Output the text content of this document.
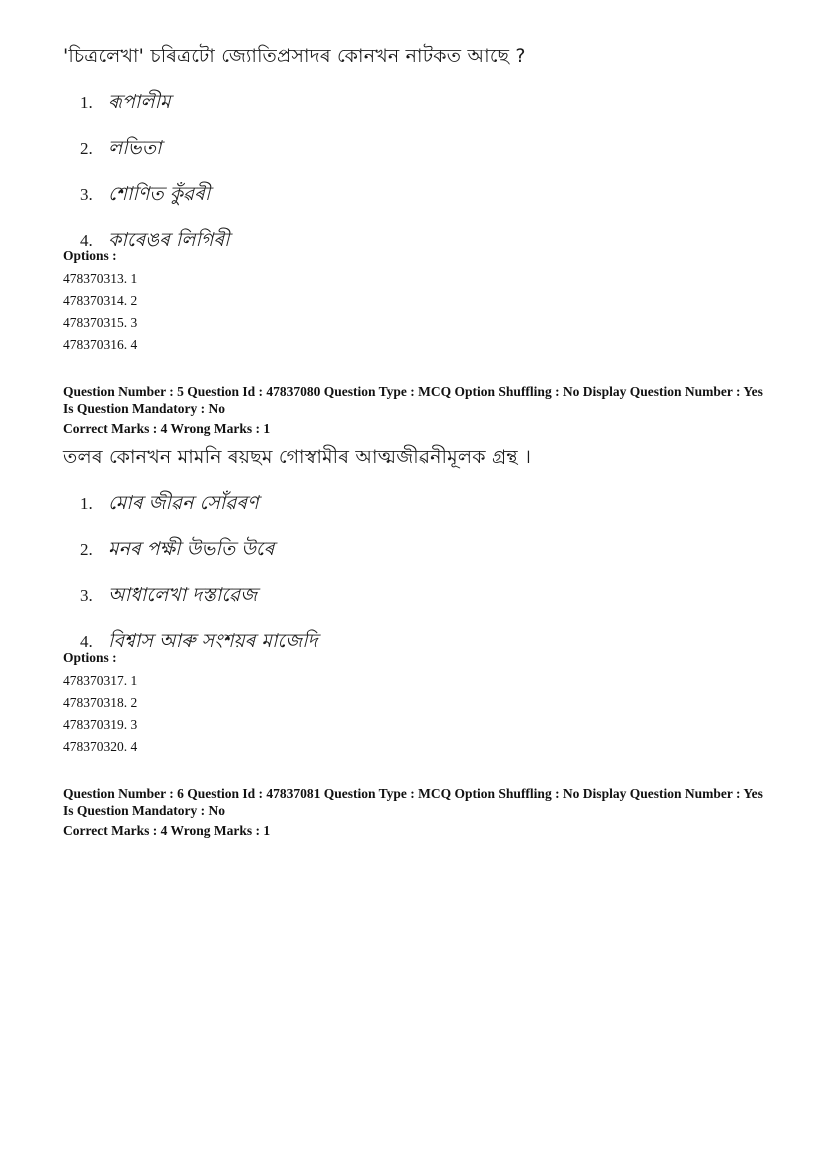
'চিত্ৰলেখা' চৰিত্ৰটো জ্যোতিপ্ৰসাদৰ কোনখন নাটকত আছে ?
1. ৰূপালীম
2. লভিতা
3. শোণিত কুঁৱৰী
4. কাৰেঙৰ লিগিৰী
Options :
478370313. 1
478370314. 2
478370315. 3
478370316. 4
Question Number : 5 Question Id : 47837080 Question Type : MCQ Option Shuffling : No Display Question Number : Yes Is Question Mandatory : No
Correct Marks : 4 Wrong Marks : 1
তলৰ কোনখন মামনি ৰয়ছম গোস্বামীৰ আত্মজীৱনীমূলক গ্ৰন্থ ।
1. মোৰ জীৱন সোঁৱৰণ
2. মনৰ পক্ষী উভতি উৰে
3. আধালেখা দস্তাৱেজ
4. বিশ্বাস আৰু সংশয়ৰ মাজেদি
Options :
478370317. 1
478370318. 2
478370319. 3
478370320. 4
Question Number : 6 Question Id : 47837081 Question Type : MCQ Option Shuffling : No Display Question Number : Yes Is Question Mandatory : No
Correct Marks : 4 Wrong Marks : 1
